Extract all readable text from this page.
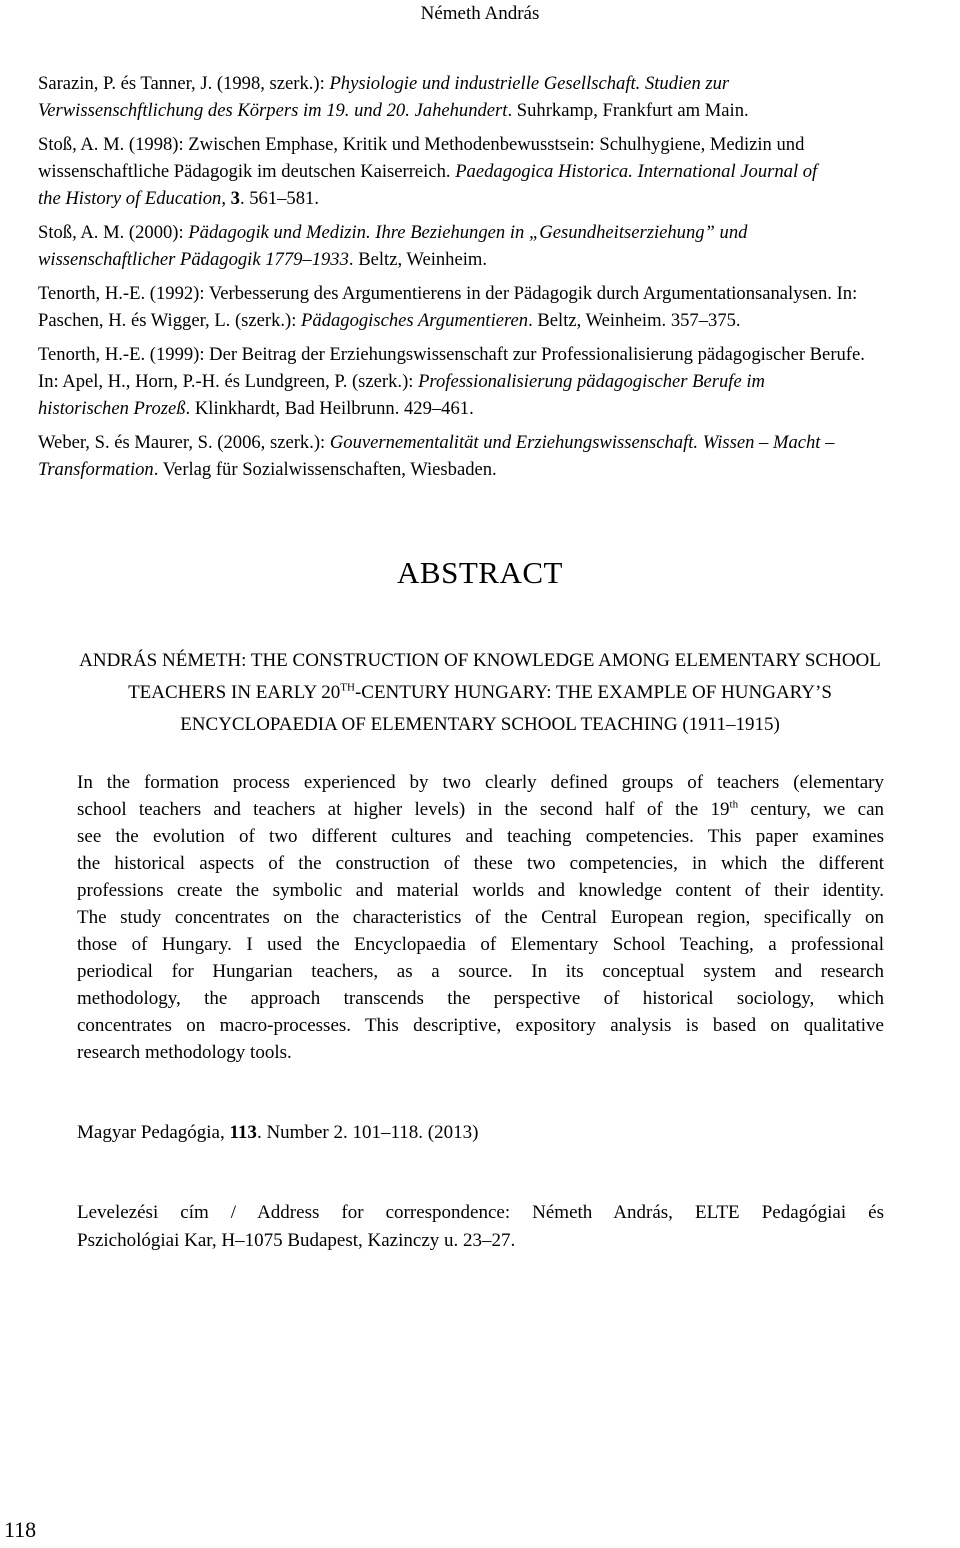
Németh András
Sarazin, P. és Tanner, J. (1998, szerk.): Physiologie und industrielle Gesellschaft. Studien zur
Verwissenschftlichung des Körpers im 19. und 20. Jahehundert. Suhrkamp, Frankfurt am Main.
Stoß, A. M. (1998): Zwischen Emphase, Kritik und Methodenbewusstsein: Schulhygiene, Medizin und
wissenschaftliche Pädagogik im deutschen Kaiserreich. Paedagogica Historica. International Journal of
the History of Education, 3. 561–581.
Stoß, A. M. (2000): Pädagogik und Medizin. Ihre Beziehungen in „Gesundheitserziehung” und
wissenschaftlicher Pädagogik 1779–1933. Beltz, Weinheim.
Tenorth, H.-E. (1992): Verbesserung des Argumentierens in der Pädagogik durch Argumentationsanalysen. In:
Paschen, H. és Wigger, L. (szerk.): Pädagogisches Argumentieren. Beltz, Weinheim. 357–375.
Tenorth, H.-E. (1999): Der Beitrag der Erziehungswissenschaft zur Professionalisierung pädagogischer Berufe.
In: Apel, H., Horn, P.-H. és Lundgreen, P. (szerk.): Professionalisierung pädagogischer Berufe im
historischen Prozeß. Klinkhardt, Bad Heilbrunn. 429–461.
Weber, S. és Maurer, S. (2006, szerk.): Gouvernementalität und Erziehungswissenschaft. Wissen – Macht –
Transformation. Verlag für Sozialwissenschaften, Wiesbaden.
ABSTRACT
ANDRÁS NÉMETH: THE CONSTRUCTION OF KNOWLEDGE AMONG ELEMENTARY SCHOOL
TEACHERS IN EARLY 20TH-CENTURY HUNGARY: THE EXAMPLE OF HUNGARY’S
ENCYCLOPAEDIA OF ELEMENTARY SCHOOL TEACHING (1911–1915)
In the formation process experienced by two clearly defined groups of teachers (elementary
school teachers and teachers at higher levels) in the second half of the 19th century, we can
see the evolution of two different cultures and teaching competencies. This paper examines
the historical aspects of the construction of these two competencies, in which the different
professions create the symbolic and material worlds and knowledge content of their identity.
The study concentrates on the characteristics of the Central European region, specifically on
those of Hungary. I used the Encyclopaedia of Elementary School Teaching, a professional
periodical for Hungarian teachers, as a source. In its conceptual system and research
methodology, the approach transcends the perspective of historical sociology, which
concentrates on macro-processes. This descriptive, expository analysis is based on qualitative
research methodology tools.
Magyar Pedagógia, 113. Number 2. 101–118. (2013)
Levelezési cím / Address for correspondence: Németh András, ELTE Pedagógiai és
Pszichológiai Kar, H–1075 Budapest, Kazinczy u. 23–27.
118
